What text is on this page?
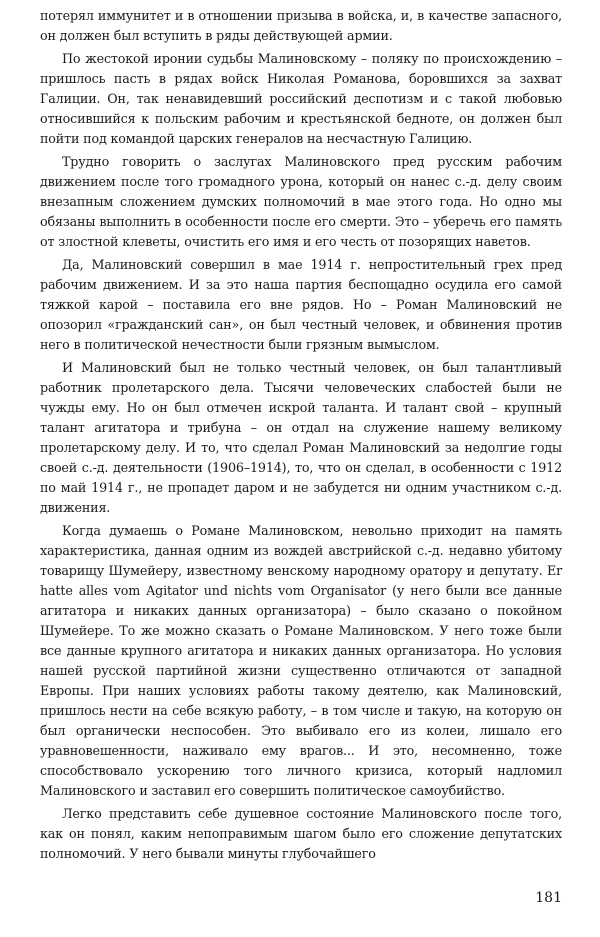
потерял иммунитет и в отношении призыва в войска, и, в качестве запасного, он должен был вступить в ряды действующей армии.

По жестокой иронии судьбы Малиновскому – поляку по происхождению – пришлось пасть в рядах войск Николая Романова, боровшихся за захват Галиции. Он, так ненавидевший российский деспотизм и с такой любовью относившийся к польским рабочим и крестьянской бедноте, он должен был пойти под командой царских генералов на несчастную Галицию.

Трудно говорить о заслугах Малиновского пред русским рабочим движением после того громадного урона, который он нанес с.-д. делу своим внезапным сложением думских полномочий в мае этого года. Но одно мы обязаны выполнить в особенности после его смерти. Это – уберечь его память от злостной клеветы, очистить его имя и его честь от позорящих наветов.

Да, Малиновский совершил в мае 1914 г. непростительный грех пред рабочим движением. И за это наша партия беспощадно осудила его самой тяжкой карой – поставила его вне рядов. Но – Роман Малиновский не опозорил «гражданский сан», он был честный человек, и обвинения против него в политической нечестности были грязным вымыслом.

И Малиновский был не только честный человек, он был талантливый работник пролетарского дела. Тысячи человеческих слабостей были не чужды ему. Но он был отмечен искрой таланта. И талант свой – крупный талант агитатора и трибуна – он отдал на служение нашему великому пролетарскому делу. И то, что сделал Роман Малиновский за недолгие годы своей с.-д. деятельности (1906–1914), то, что он сделал, в особенности с 1912 по май 1914 г., не пропадет даром и не забудется ни одним участником с.-д. движения.

Когда думаешь о Романе Малиновском, невольно приходит на память характеристика, данная одним из вождей австрийской с.-д. недавно убитому товарищу Шумейеру, известному венскому народному оратору и депутату. Er hatte alles vom Agitator und nichts vom Organisator (у него были все данные агитатора и никаких данных организатора) – было сказано о покойном Шумейере. То же можно сказать о Романе Малиновском. У него тоже были все данные крупного агитатора и никаких данных организатора. Но условия нашей русской партийной жизни существенно отличаются от западной Европы. При наших условиях работы такому деятелю, как Малиновский, пришлось нести на себе всякую работу, – в том числе и такую, на которую он был органически неспособен. Это выбивало его из колеи, лишало его уравновешенности, наживало ему врагов... И это, несомненно, тоже способствовало ускорению того личного кризиса, который надломил Малиновского и заставил его совершить политическое самоубийство.

Легко представить себе душевное состояние Малиновского после того, как он понял, каким непоправимым шагом было его сложение депутатских полномочий. У него бывали минуты глубочайшего

181
